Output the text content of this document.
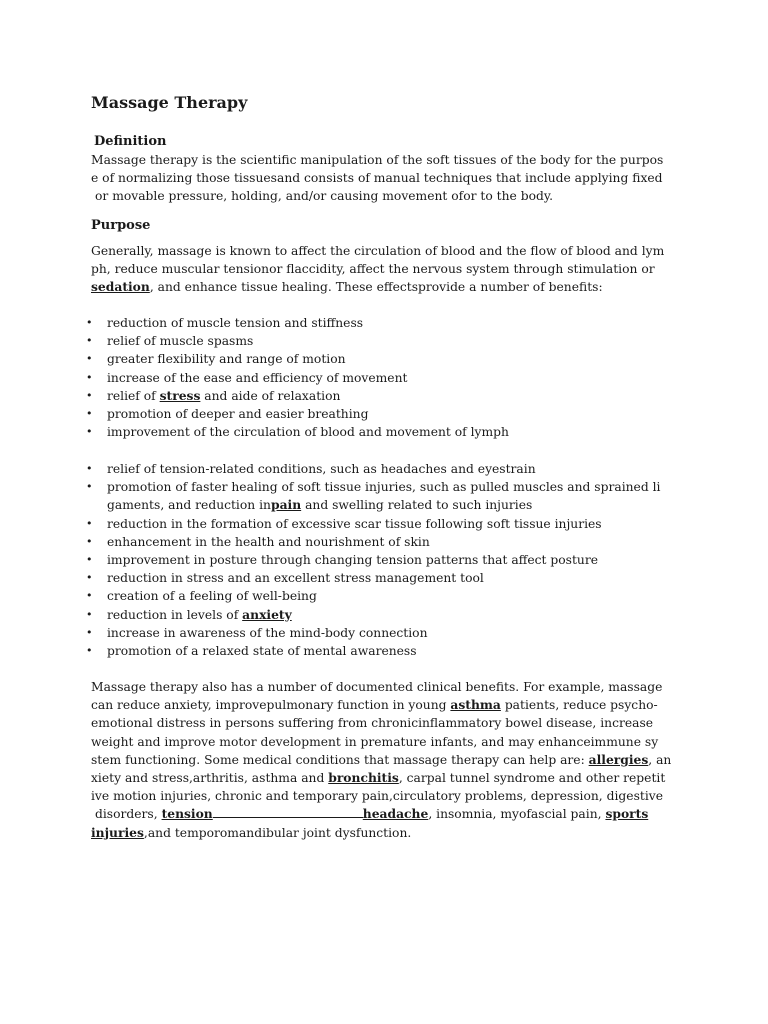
Massage Therapy
Definition

Massage therapy is the scientific manipulation of the soft tissues of the body for the purpos
e of normalizing those tissuesand consists of manual techniques that include applying fixed
or movable pressure, holding, and/or causing movement ofor to the body.

Purpose

Generally, massage is known to affect the circulation of blood and the flow of blood and lym
ph, reduce muscular tensionor flaccidity, affect the nervous system through stimulation or
sedation, and enhance tissue healing. These effectsprovide a number of benefits:

• reduction of muscle tension and stiffness
• relief of muscle spasms
• greater flexibility and range of motion
• increase of the ease and efficiency of movement
• relief of stress and aide of relaxation
• promotion of deeper and easier breathing
• improvement of the circulation of blood and movement of lymph
• relief of tension-related conditions, such as headaches and eyestrain
• promotion of faster healing of soft tissue injuries, such as pulled muscles and sprained li
gaments, and reduction inpain and swelling related to such injuries
• reduction in the formation of excessive scar tissue following soft tissue injuries
• enhancement in the health and nourishment of skin
• improvement in posture through changing tension patterns that affect posture
• reduction in stress and an excellent stress management tool
• creation of a feeling of well-being
• reduction in levels of anxiety
• increase in awareness of the mind-body connection
• promotion of a relaxed state of mental awareness

Massage therapy also has a number of documented clinical benefits. For example, massage
can reduce anxiety, improvepulmonary function in young asthma patients, reduce psycho-
emotional distress in persons suffering from chronicinflammatory bowel disease, increase
weight and improve motor development in premature infants, and may enhanceimmune sy
stem functioning. Some medical conditions that massage therapy can help are: allergies, an
xiety and stress,arthritis, asthma and bronchitis, carpal tunnel syndrome and other repetit
ive motion injuries, chronic and temporary pain,circulatory problems, depression, digestive
disorders, tension	headache, insomnia, myofascial pain, sports
injuries,and temporomandibular joint dysfunction.
